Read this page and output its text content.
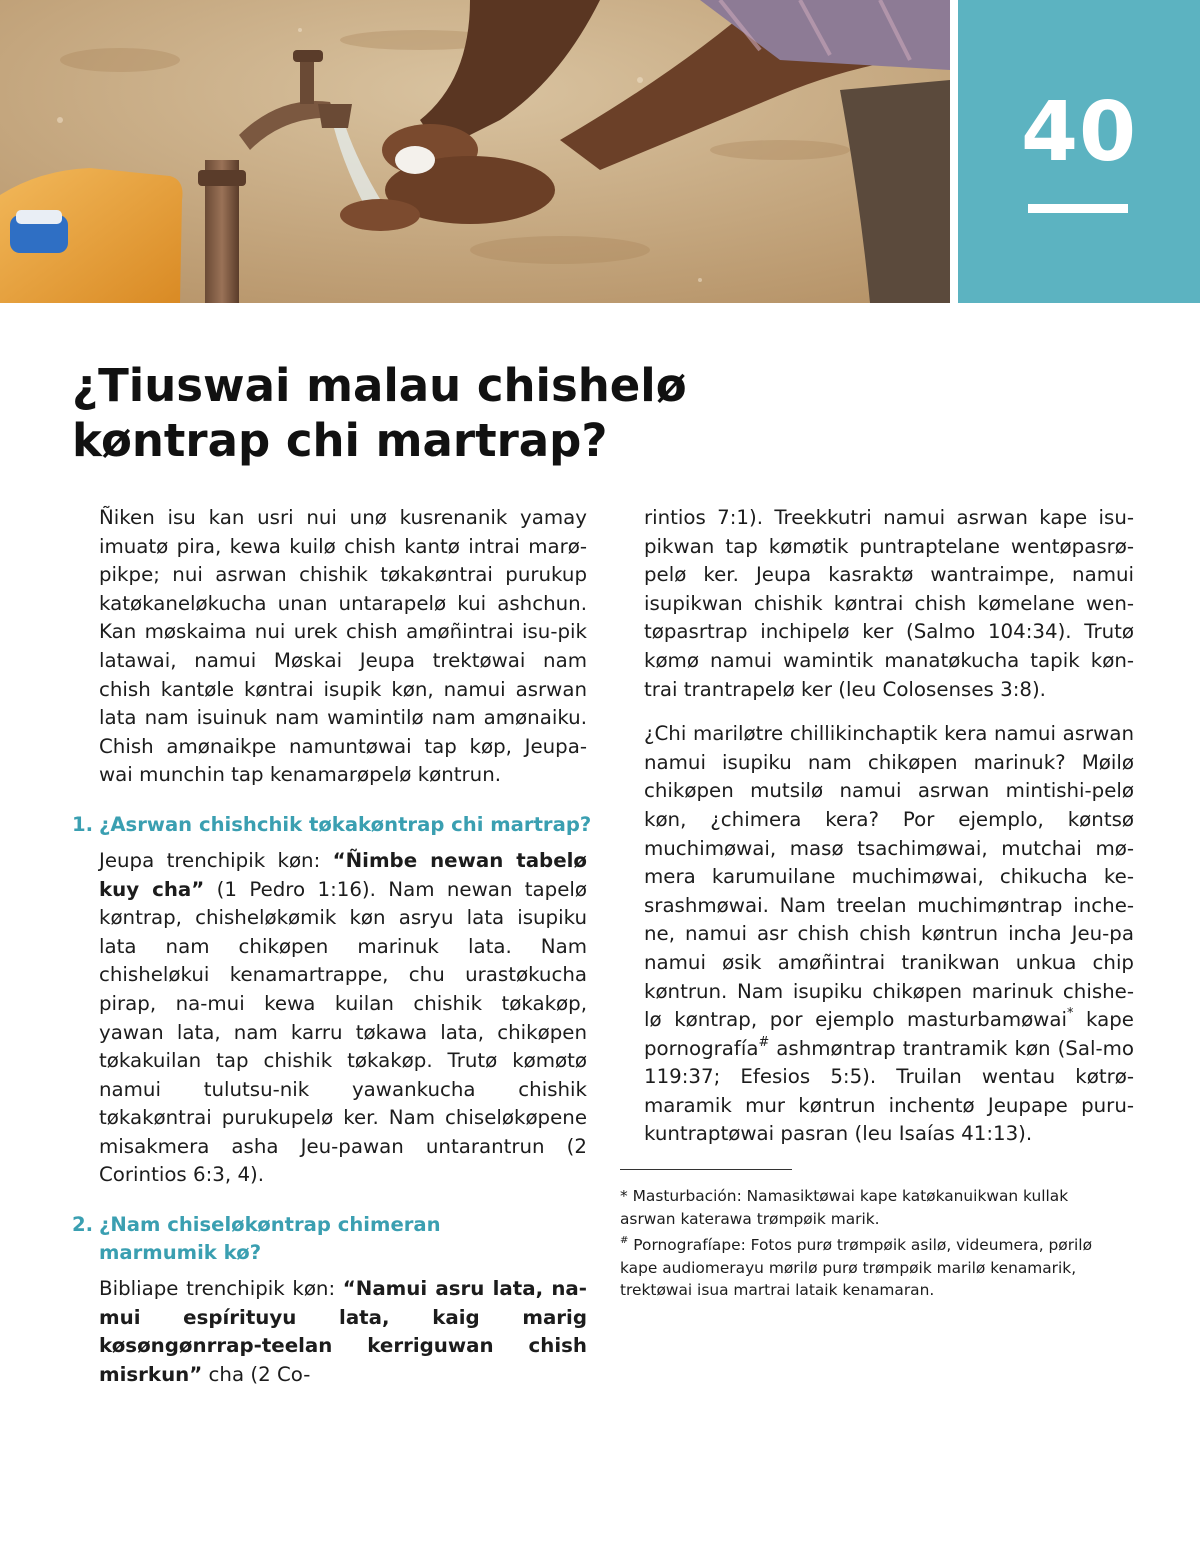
40
¿Tiuswai malau chishelø
køntrap chi martrap?

Ñiken isu kan usri nui unø kusrenanik yamay imuatø pira, kewa kuilø chish kantø intrai marø-pikpe; nui asrwan chishik tøkakøntrai purukup katøkaneløkucha unan untarapelø kui ashchun. Kan møskaima nui urek chish amøñintrai isu-pik latawai, namui Møskai Jeupa trektøwai nam chish kantøle køntrai isupik køn, namui asrwan lata nam isuinuk nam wamintilø nam amønaiku. Chish amønaikpe namuntøwai tap køp, Jeupa-wai munchin tap kenamarøpelø køntrun.

1. ¿Asrwan chishchik tøkakøntrap chi martrap?

Jeupa trenchipik køn: “Ñimbe newan tabelø kuy cha” (1 Pedro 1:16). Nam newan tapelø køntrap, chisheløkømik køn asryu lata isupiku lata nam chikøpen marinuk lata. Nam chisheløkui kenamartrappe, chu urastøkucha pirap, na-mui kewa kuilan chishik tøkakøp, yawan lata, nam karru tøkawa lata, chikøpen tøkakuilan tap chishik tøkakøp. Trutø kømøtø namui tulutsu-nik yawankucha chishik tøkakøntrai purukupelø ker. Nam chiseløkøpene misakmera asha Jeu-pawan untarantrun (2 Corintios 6:3, 4).

2. ¿Nam chiseløkøntrap chimeran
marmumik kø?

Bibliape trenchipik køn: “Namui asru lata, na-mui espírituyu lata, kaig marig køsøngønrrap-teelan kerriguwan chish misrkun” cha (2 Co-

rintios 7:1). Treekkutri namui asrwan kape isu-pikwan tap kømøtik puntraptelane wentøpasrø-pelø ker. Jeupa kasraktø wantraimpe, namui isupikwan chishik køntrai chish kømelane wen-tøpasrtrap inchipelø ker (Salmo 104:34). Trutø kømø namui wamintik manatøkucha tapik køn-trai trantrapelø ker (leu Colosenses 3:8).

¿Chi mariløtre chillikinchaptik kera namui asrwan namui isupiku nam chikøpen marinuk? Møilø chikøpen mutsilø namui asrwan mintishi-pelø køn, ¿chimera kera? Por ejemplo, køntsø muchimøwai, masø tsachimøwai, mutchai mø-mera karumuilane muchimøwai, chikucha ke-srashmøwai. Nam treelan muchimøntrap inche-ne, namui asr chish chish køntrun incha Jeu-pa namui øsik amøñintrai tranikwan unkua chip køntrun. Nam isupiku chikøpen marinuk chishe-lø køntrap, por ejemplo masturbamøwai* kape pornografía# ashmøntrap trantramik køn (Sal-mo 119:37; Efesios 5:5). Truilan wentau køtrø-maramik mur køntrun inchentø Jeupape puru-kuntraptøwai pasran (leu Isaías 41:13).

* Masturbación: Namasiktøwai kape katøkanuikwan kullak asrwan katerawa trømpøik marik.

# Pornografíape: Fotos purø trømpøik asilø, videumera, pørilø kape audiomerayu mørilø purø trømpøik marilø kenamarik, trektøwai isua martrai lataik kenamaran.
